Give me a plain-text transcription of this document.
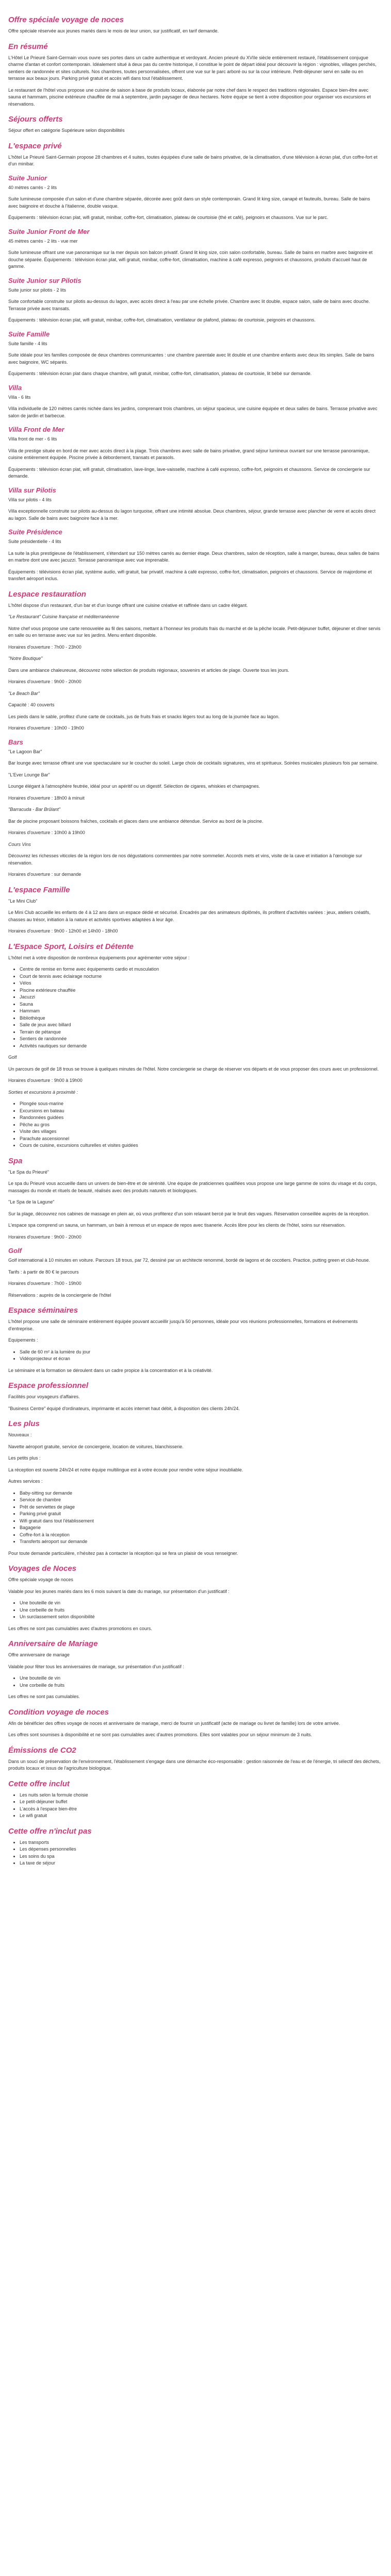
Offre spéciale voyage de noces

Offre spéciale réservée aux jeunes mariés dans le mois de leur union, sur justificatif, en tarif demande.

En résumé

L'Hôtel Le Prieuré Saint-Germain vous ouvre ses portes dans un cadre authentique et verdoyant. Ancien prieuré du XVIIe siècle entièrement restauré, l'établissement conjugue charme d'antan et confort contemporain. Idéalement situé à deux pas du centre historique, il constitue le point de départ idéal pour découvrir la région : vignobles, villages perchés, sentiers de randonnée et sites culturels. Nos chambres, toutes personnalisées, offrent une vue sur le parc arboré ou sur la cour intérieure. Petit-déjeuner servi en salle ou en terrasse aux beaux jours. Parking privé gratuit et accès wifi dans tout l'établissement.

Le restaurant de l'hôtel vous propose une cuisine de saison à base de produits locaux, élaborée par notre chef dans le respect des traditions régionales. Espace bien-être avec sauna et hammam, piscine extérieure chauffée de mai à septembre, jardin paysager de deux hectares. Notre équipe se tient à votre disposition pour organiser vos excursions et réservations.

Séjours offerts

Séjour offert en catégorie Supérieure selon disponibilités

L'espace privé

L'hôtel Le Prieuré Saint-Germain propose 28 chambres et 4 suites, toutes équipées d'une salle de bains privative, de la climatisation, d'une télévision à écran plat, d'un coffre-fort et d'un minibar.

Suite Junior

40 mètres carrés - 2 lits

Suite lumineuse composée d'un salon et d'une chambre séparée, décorée avec goût dans un style contemporain. Grand lit king size, canapé et fauteuils, bureau. Salle de bains avec baignoire et douche à l'italienne, double vasque.

Équipements : télévision écran plat, wifi gratuit, minibar, coffre-fort, climatisation, plateau de courtoisie (thé et café), peignoirs et chaussons. Vue sur le parc.

Suite Junior Front de Mer

45 mètres carrés - 2 lits - vue mer

Suite lumineuse offrant une vue panoramique sur la mer depuis son balcon privatif. Grand lit king size, coin salon confortable, bureau. Salle de bains en marbre avec baignoire et douche séparée. Équipements : télévision écran plat, wifi gratuit, minibar, coffre-fort, climatisation, machine à café expresso, peignoirs et chaussons, produits d'accueil haut de gamme.

Suite Junior sur Pilotis

Suite junior sur pilotis - 2 lits

Suite confortable construite sur pilotis au-dessus du lagon, avec accès direct à l'eau par une échelle privée. Chambre avec lit double, espace salon, salle de bains avec douche. Terrasse privée avec transats.

Équipements : télévision écran plat, wifi gratuit, minibar, coffre-fort, climatisation, ventilateur de plafond, plateau de courtoisie, peignoirs et chaussons.

Suite Famille

Suite famille - 4 lits

Suite idéale pour les familles composée de deux chambres communicantes : une chambre parentale avec lit double et une chambre enfants avec deux lits simples. Salle de bains avec baignoire, WC séparés.

Équipements : télévision écran plat dans chaque chambre, wifi gratuit, minibar, coffre-fort, climatisation, plateau de courtoisie, lit bébé sur demande.

Villa

Villa - 6 lits

Villa individuelle de 120 mètres carrés nichée dans les jardins, comprenant trois chambres, un séjour spacieux, une cuisine équipée et deux salles de bains. Terrasse privative avec salon de jardin et barbecue.

Villa Front de Mer

Villa front de mer - 6 lits

Villa de prestige située en bord de mer avec accès direct à la plage. Trois chambres avec salle de bains privative, grand séjour lumineux ouvrant sur une terrasse panoramique, cuisine entièrement équipée. Piscine privée à débordement, transats et parasols.

Équipements : télévision écran plat, wifi gratuit, climatisation, lave-linge, lave-vaisselle, machine à café expresso, coffre-fort, peignoirs et chaussons. Service de conciergerie sur demande.

Villa sur Pilotis

Villa sur pilotis - 4 lits

Villa exceptionnelle construite sur pilotis au-dessus du lagon turquoise, offrant une intimité absolue. Deux chambres, séjour, grande terrasse avec plancher de verre et accès direct au lagon. Salle de bains avec baignoire face à la mer.

Suite Présidence

Suite présidentielle - 4 lits

La suite la plus prestigieuse de l'établissement, s'étendant sur 150 mètres carrés au dernier étage. Deux chambres, salon de réception, salle à manger, bureau, deux salles de bains en marbre dont une avec jacuzzi. Terrasse panoramique avec vue imprenable.

Équipements : télévisions écran plat, système audio, wifi gratuit, bar privatif, machine à café expresso, coffre-fort, climatisation, peignoirs et chaussons. Service de majordome et transfert aéroport inclus.

Lespace restauration

L'hôtel dispose d'un restaurant, d'un bar et d'un lounge offrant une cuisine créative et raffinée dans un cadre élégant.

"Le Restaurant" Cuisine française et méditerranéenne

Notre chef vous propose une carte renouvelée au fil des saisons, mettant à l'honneur les produits frais du marché et de la pêche locale. Petit-déjeuner buffet, déjeuner et dîner servis en salle ou en terrasse avec vue sur les jardins. Menu enfant disponible.

Horaires d'ouverture : 7h00 - 23h00

"Notre Boutique"

Dans une ambiance chaleureuse, découvrez notre sélection de produits régionaux, souvenirs et articles de plage. Ouverte tous les jours.

Horaires d'ouverture : 9h00 - 20h00

"Le Beach Bar"

Capacité : 40 couverts

Les pieds dans le sable, profitez d'une carte de cocktails, jus de fruits frais et snacks légers tout au long de la journée face au lagon.

Horaires d'ouverture : 10h00 - 19h00

Bars

"Le Lagoon Bar"

Bar lounge avec terrasse offrant une vue spectaculaire sur le coucher du soleil. Large choix de cocktails signatures, vins et spiritueux. Soirées musicales plusieurs fois par semaine.

"L'Ever Lounge Bar"

Lounge élégant à l'atmosphère feutrée, idéal pour un apéritif ou un digestif. Sélection de cigares, whiskies et champagnes.

Horaires d'ouverture : 18h00 à minuit

"Barracuda - Bar Brûlant"

Bar de piscine proposant boissons fraîches, cocktails et glaces dans une ambiance détendue. Service au bord de la piscine.

Horaires d'ouverture : 10h00 à 19h00

Cours Vins

Découvrez les richesses viticoles de la région lors de nos dégustations commentées par notre sommelier. Accords mets et vins, visite de la cave et initiation à l'œnologie sur réservation.

Horaires d'ouverture : sur demande

L'espace Famille

"Le Mini Club"

Le Mini Club accueille les enfants de 4 à 12 ans dans un espace dédié et sécurisé. Encadrés par des animateurs diplômés, ils profitent d'activités variées : jeux, ateliers créatifs, chasses au trésor, initiation à la nature et activités sportives adaptées à leur âge.

Horaires d'ouverture : 9h00 - 12h00 et 14h00 - 18h00

L'Espace Sport, Loisirs et Détente

L'hôtel met à votre disposition de nombreux équipements pour agrémenter votre séjour :

• Centre de remise en forme avec équipements cardio et musculation
• Court de tennis avec éclairage nocturne
• Vélos
• Piscine extérieure chauffée
• Jacuzzi
• Sauna
• Hammam
• Bibliothèque
• Salle de jeux avec billard
• Terrain de pétanque
• Sentiers de randonnée
• Activités nautiques sur demande

Golf

Un parcours de golf de 18 trous se trouve à quelques minutes de l'hôtel. Notre conciergerie se charge de réserver vos départs et de vous proposer des cours avec un professionnel.

Horaires d'ouverture : 9h00 à 19h00

Sorties et excursions à proximité :

• Plongée sous-marine
• Excursions en bateau
• Randonnées guidées
• Pêche au gros
• Visite des villages
• Parachute ascensionnel
• Cours de cuisine, excursions culturelles et visites guidées
Spa

"Le Spa du Prieuré"

Le spa du Prieuré vous accueille dans un univers de bien-être et de sérénité. Une équipe de praticiennes qualifiées vous propose une large gamme de soins du visage et du corps, massages du monde et rituels de beauté, réalisés avec des produits naturels et biologiques.

"Le Spa de la Lagune"

Sur la plage, découvrez nos cabines de massage en plein air, où vous profiterez d'un soin relaxant bercé par le bruit des vagues. Réservation conseillée auprès de la réception.

L'espace spa comprend un sauna, un hammam, un bain à remous et un espace de repos avec tisanerie. Accès libre pour les clients de l'hôtel, soins sur réservation.

Horaires d'ouverture : 9h00 - 20h00

Golf

Golf international à 10 minutes en voiture. Parcours 18 trous, par 72, dessiné par un architecte renommé, bordé de lagons et de cocotiers. Practice, putting green et club-house.

Tarifs : à partir de 80 € le parcours

Horaires d'ouverture : 7h00 - 19h00

Réservations : auprès de la conciergerie de l'hôtel

Espace séminaires

L'hôtel propose une salle de séminaire entièrement équipée pouvant accueillir jusqu'à 50 personnes, idéale pour vos réunions professionnelles, formations et événements d'entreprise.

Equipements :

• Salle de 60 m² à la lumière du jour
• Vidéoprojecteur et écran

Le séminaire et la formation se déroulent dans un cadre propice à la concentration et à la créativité.

Espace professionnel

Facilités pour voyageurs d'affaires.

"Business Centre" équipé d'ordinateurs, imprimante et accès internet haut débit, à disposition des clients 24h/24.

Les plus

Nouveaux :

Navette aéroport gratuite, service de conciergerie, location de voitures, blanchisserie.

Les petits plus :

La réception est ouverte 24h/24 et notre équipe multilingue est à votre écoute pour rendre votre séjour inoubliable.

Autres services :

• Baby-sitting sur demande
• Service de chambre
• Prêt de serviettes de plage
• Parking privé gratuit
• Wifi gratuit dans tout l'établissement
• Bagagerie
• Coffre-fort à la réception
• Transferts aéroport sur demande

Pour toute demande particulière, n'hésitez pas à contacter la réception qui se fera un plaisir de vous renseigner.

Voyages de Noces

Offre spéciale voyage de noces

Valable pour les jeunes mariés dans les 6 mois suivant la date du mariage, sur présentation d'un justificatif :

• Une bouteille de vin
• Une corbeille de fruits
• Un surclassement selon disponibilité

Les offres ne sont pas cumulables avec d'autres promotions en cours.

Anniversaire de Mariage

Offre anniversaire de mariage

Valable pour fêter tous les anniversaires de mariage, sur présentation d'un justificatif :

• Une bouteille de vin
• Une corbeille de fruits

Les offres ne sont pas cumulables.

Condition voyage de noces

Afin de bénéficier des offres voyage de noces et anniversaire de mariage, merci de fournir un justificatif (acte de mariage ou livret de famille) lors de votre arrivée.

Les offres sont soumises à disponibilité et ne sont pas cumulables avec d'autres promotions. Elles sont valables pour un séjour minimum de 3 nuits.

Émissions de CO2

Dans un souci de préservation de l'environnement, l'établissement s'engage dans une démarche éco-responsable : gestion raisonnée de l'eau et de l'énergie, tri sélectif des déchets, produits locaux et issus de l'agriculture biologique.

Cette offre inclut
• Les nuits selon la formule choisie
• Le petit-déjeuner buffet
• L'accès à l'espace bien-être
• Le wifi gratuit
Cette offre n'inclut pas
• Les transports
• Les dépenses personnelles
• Les soins du spa
• La taxe de séjour
